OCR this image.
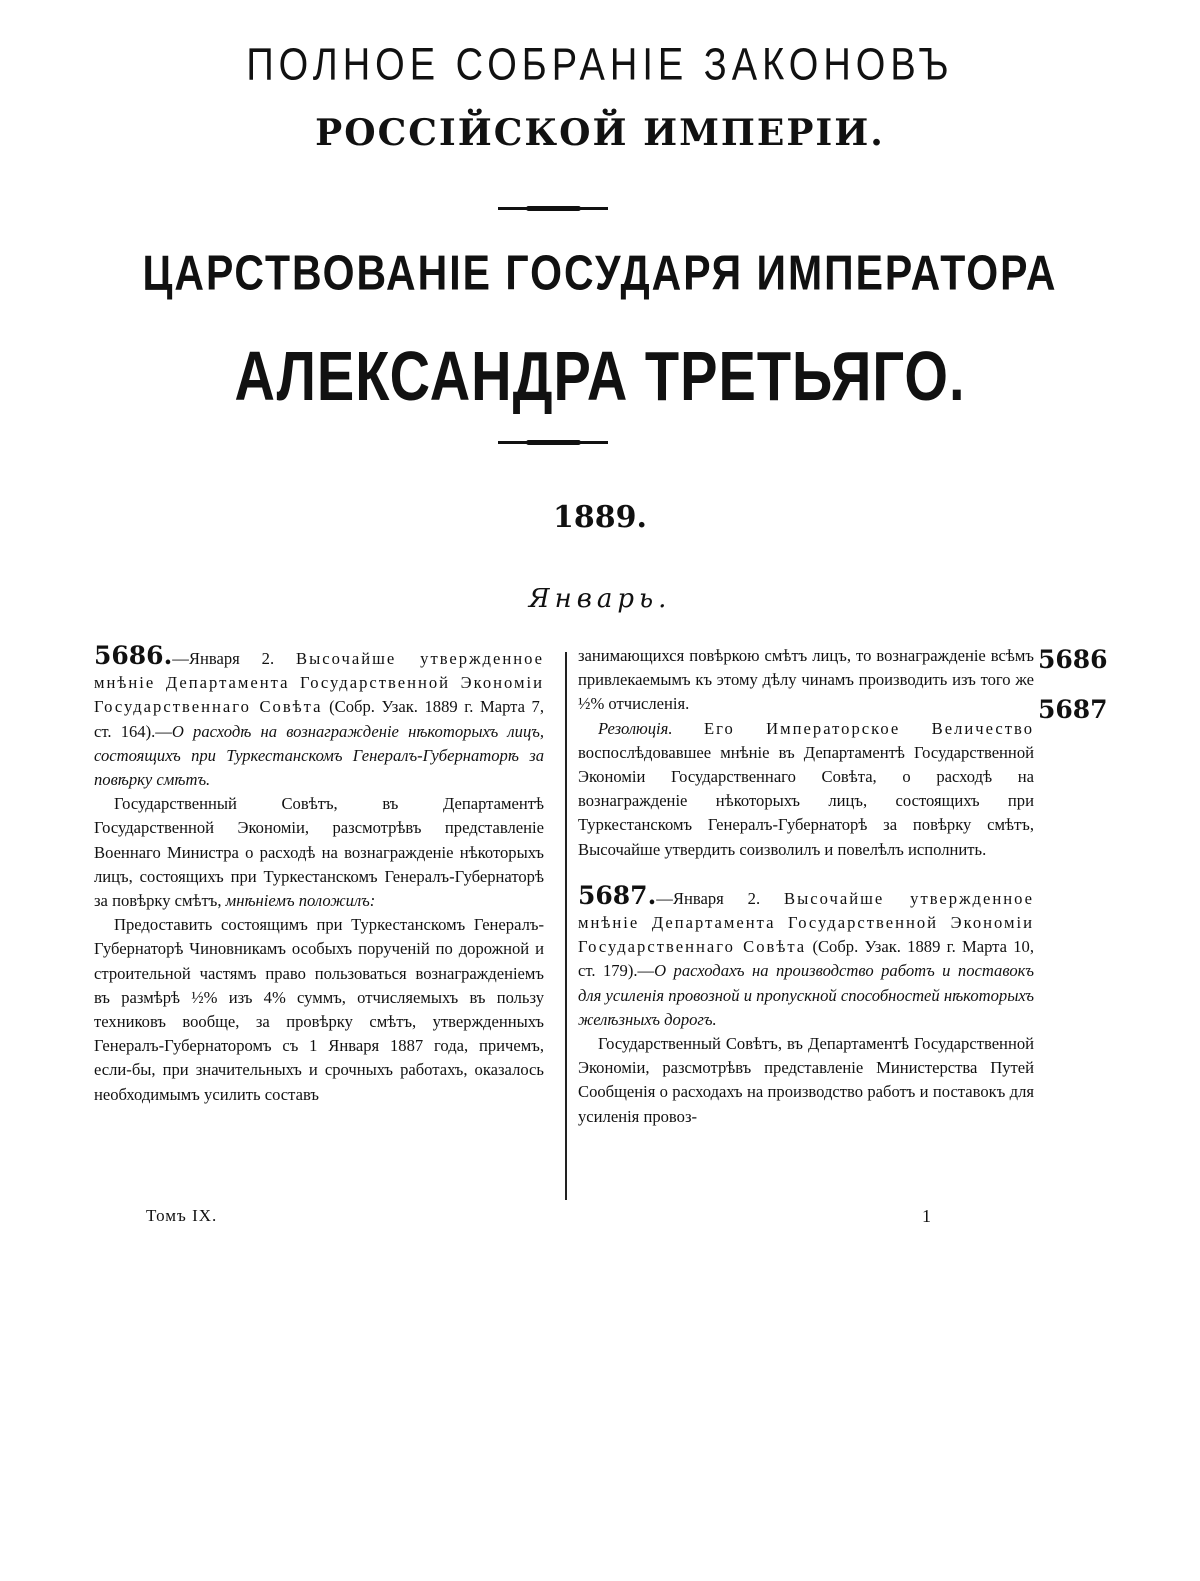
ПОЛНОЕ СОБРАНІЕ ЗАКОНОВЪ
РОССІЙСКОЙ ИМПЕРІИ.
ЦАРСТВОВАНІЕ ГОСУДАРЯ ИМПЕРАТОРА
АЛЕКСАНДРА ТРЕТЬЯГО.
1889.
Январь.

5686.—Января 2. Высочайше утвержденное мнѣніе Департамента Государственной Экономіи Государственнаго Совѣта (Собр. Узак. 1889 г. Марта 7, ст. 164).—О расходѣ на вознагражденіе нѣкоторыхъ лицъ, состоящихъ при Туркестанскомъ Генералъ-Губернаторѣ за повѣрку смѣтъ.

Государственный Совѣтъ, въ Департаментѣ Государственной Экономіи, разсмотрѣвъ представленіе Военнаго Министра о расходѣ на вознагражденіе нѣкоторыхъ лицъ, состоящихъ при Туркестанскомъ Генералъ-Губернаторѣ за повѣрку смѣтъ, мнѣніемъ положилъ:

Предоставить состоящимъ при Туркестанскомъ Генералъ-Губернаторѣ Чиновникамъ особыхъ порученій по дорожной и строительной частямъ право пользоваться вознагражденіемъ въ размѣрѣ ½% изъ 4% суммъ, отчисляемыхъ въ пользу техниковъ вообще, за провѣрку смѣтъ, утвержденныхъ Генералъ-Губернаторомъ съ 1 Января 1887 года, причемъ, если-бы, при значительныхъ и срочныхъ работахъ, оказалось необходимымъ усилить составъ

занимающихся повѣркою смѣтъ лицъ, то вознагражденіе всѣмъ привлекаемымъ къ этому дѣлу чинамъ производить изъ того же ½% отчисленія.

Резолюція. Его Императорское Величество воспослѣдовавшее мнѣніе въ Департаментѣ Государственной Экономіи Государственнаго Совѣта, о расходѣ на вознагражденіе нѣкоторыхъ лицъ, состоящихъ при Туркестанскомъ Генералъ-Губернаторѣ за повѣрку смѣтъ, Высочайше утвердить соизволилъ и повелѣлъ исполнить.

5687.—Января 2. Высочайше утвержденное мнѣніе Департамента Государственной Экономіи Государственнаго Совѣта (Собр. Узак. 1889 г. Марта 10, ст. 179).—О расходахъ на производство работъ и поставокъ для усиленія провозной и пропускной способностей нѣкоторыхъ желѣзныхъ дорогъ.

Государственный Совѣтъ, въ Департаментѣ Государственной Экономіи, разсмотрѣвъ представленіе Министерства Путей Сообщенія о расходахъ на производство работъ и поставокъ для усиленія провоз-

5686
5687
Томъ IX.	1
